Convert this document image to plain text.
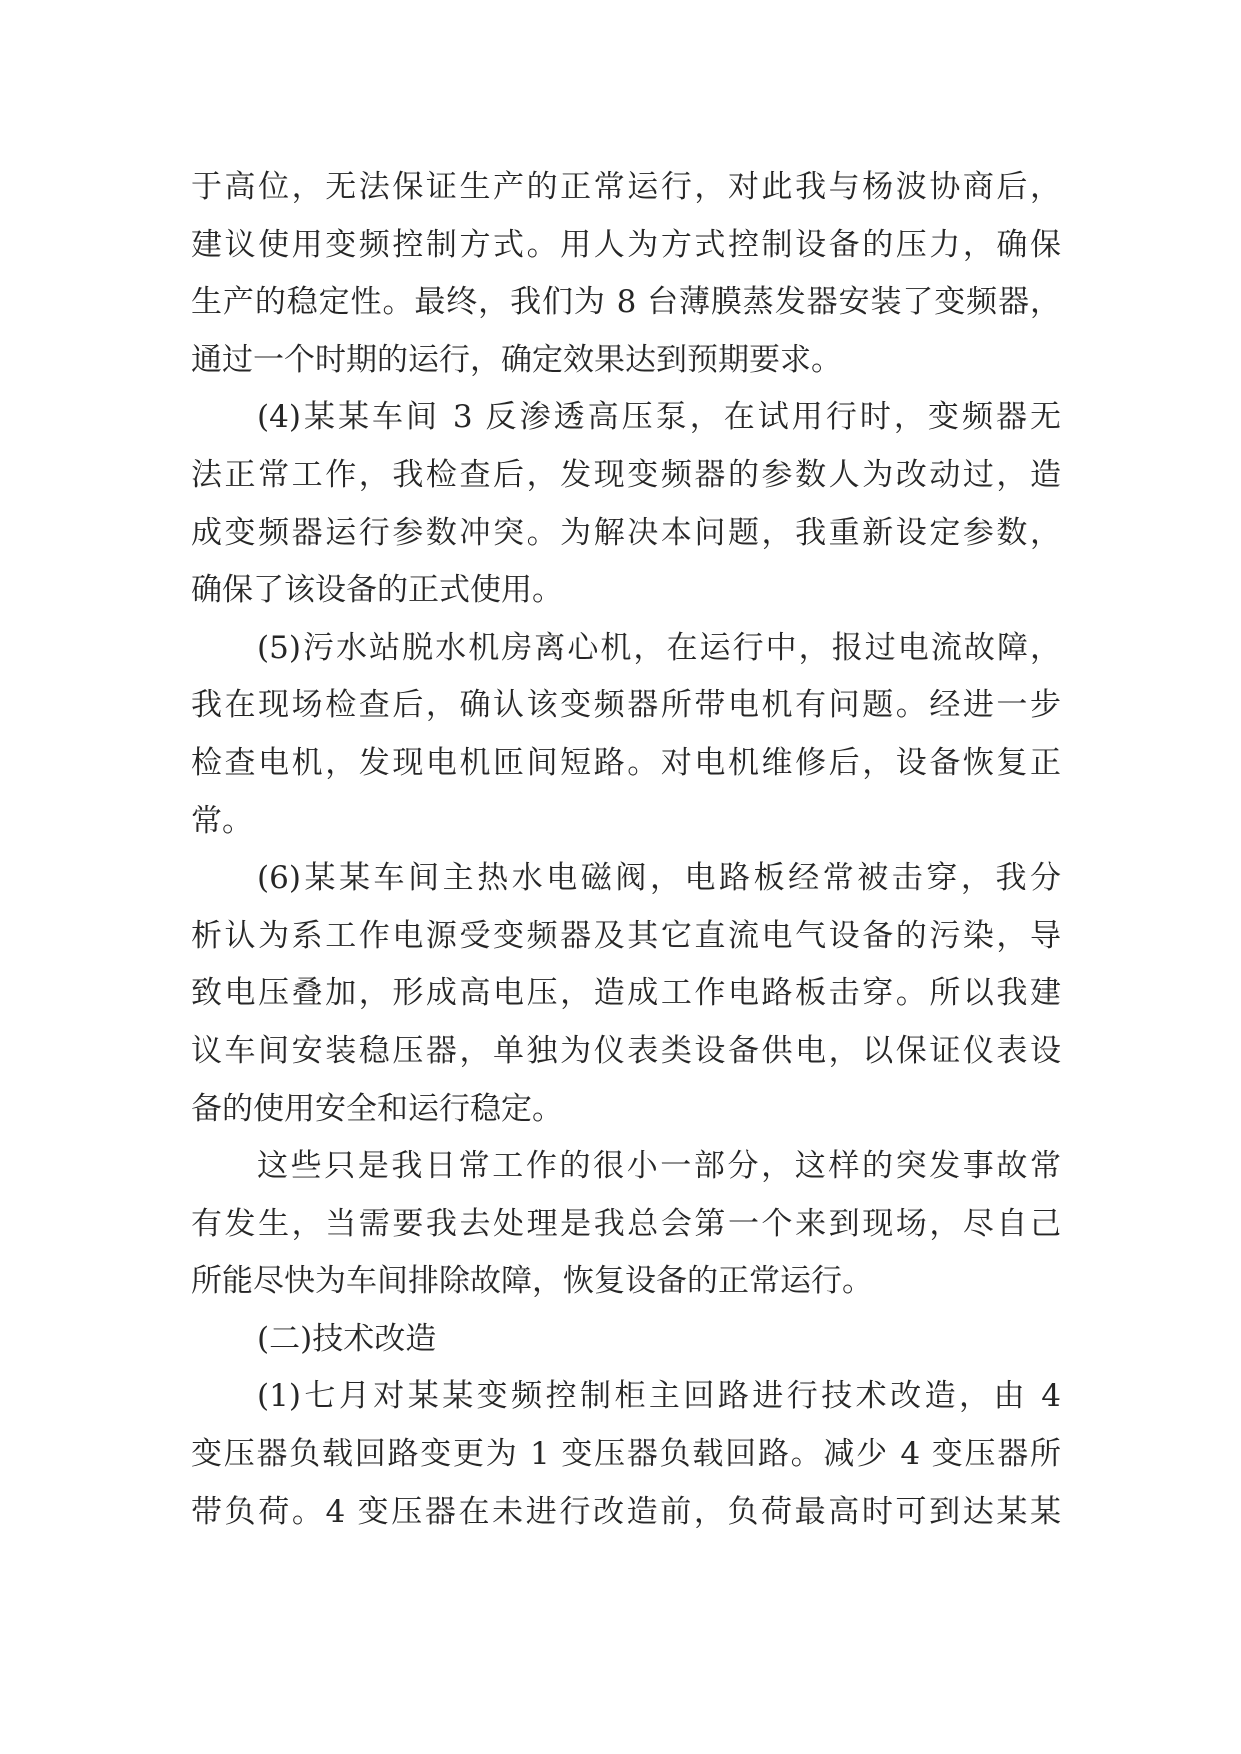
于高位，无法保证生产的正常运行，对此我与杨波协商后，
建议使用变频控制方式。用人为方式控制设备的压力，确保
生产的稳定性。最终，我们为 8 台薄膜蒸发器安装了变频器，
通过一个时期的运行，确定效果达到预期要求。
(4)某某车间 3 反渗透高压泵，在试用行时，变频器无
法正常工作，我检查后，发现变频器的参数人为改动过，造
成变频器运行参数冲突。为解决本问题，我重新设定参数，
确保了该设备的正式使用。
(5)污水站脱水机房离心机，在运行中，报过电流故障，
我在现场检查后，确认该变频器所带电机有问题。经进一步
检查电机，发现电机匝间短路。对电机维修后，设备恢复正
常。
(6)某某车间主热水电磁阀，电路板经常被击穿，我分
析认为系工作电源受变频器及其它直流电气设备的污染，导
致电压叠加，形成高电压，造成工作电路板击穿。所以我建
议车间安装稳压器，单独为仪表类设备供电，以保证仪表设
备的使用安全和运行稳定。
这些只是我日常工作的很小一部分，这样的突发事故常
有发生，当需要我去处理是我总会第一个来到现场，尽自己
所能尽快为车间排除故障，恢复设备的正常运行。
(二)技术改造
(1)七月对某某变频控制柜主回路进行技术改造，由 4
变压器负载回路变更为 1 变压器负载回路。减少 4 变压器所
带负荷。4 变压器在未进行改造前，负荷最高时可到达某某
